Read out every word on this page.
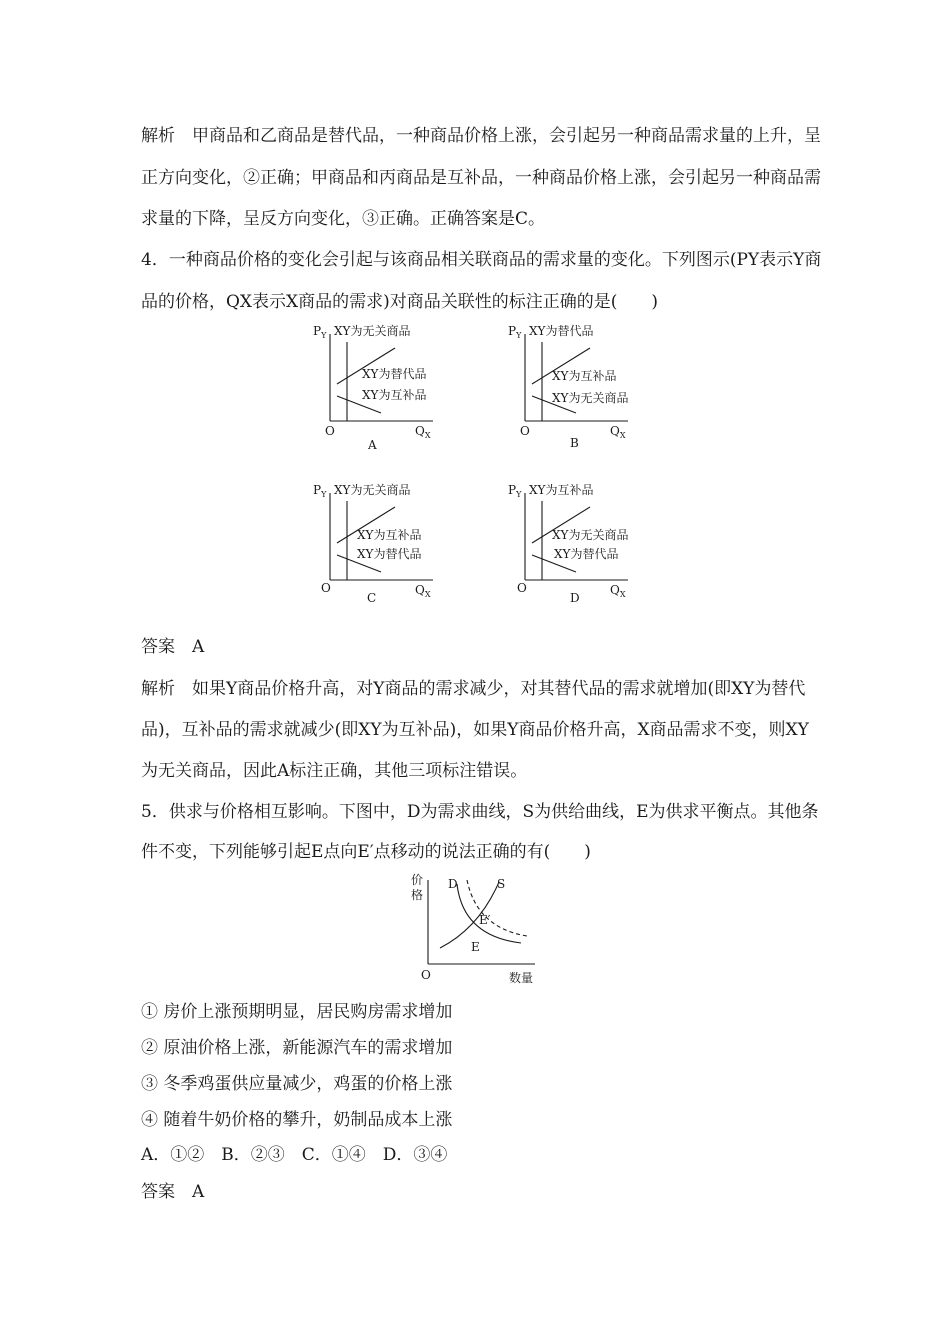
解析　甲商品和乙商品是替代品，一种商品价格上涨，会引起另一种商品需求量的上升，呈
正方向变化，②正确；甲商品和丙商品是互补品，一种商品价格上涨，会引起另一种商品需
求量的下降，呈反方向变化，③正确。正确答案是C。
4．一种商品价格的变化会引起与该商品相关联商品的需求量的变化。下列图示(PY表示Y商
品的价格，QX表示X商品的需求)对商品关联性的标注正确的是(　　)
$P_Y$ XY为无关商品
XY为替代品
XY为互补品
O	$Q_X$
A
$P_Y$ XY为替代品
XY为互补品
XY为无关商品
O	$Q_X$
B
$P_Y$ XY为无关商品
XY为互补品
XY为替代品
O	$Q_X$
C
$P_Y$ XY为互补品
XY为无关商品
XY为替代品
O	$Q_X$
D
答案　A
解析　如果Y商品价格升高，对Y商品的需求减少，对其替代品的需求就增加(即XY为替代
品)，互补品的需求就减少(即XY为互补品)，如果Y商品价格升高，X商品需求不变，则XY
为无关商品，因此A标注正确，其他三项标注错误。
5．供求与价格相互影响。下图中，D为需求曲线，S为供给曲线，E为供求平衡点。其他条
件不变，下列能够引起E点向E′点移动的说法正确的有(　　)
价
格
D	S
E′
E
O	数量
① 房价上涨预期明显，居民购房需求增加
② 原油价格上涨，新能源汽车的需求增加
③ 冬季鸡蛋供应量减少，鸡蛋的价格上涨
④ 随着牛奶价格的攀升，奶制品成本上涨
A．①②　B．②③　C．①④　D．③④
答案　A
